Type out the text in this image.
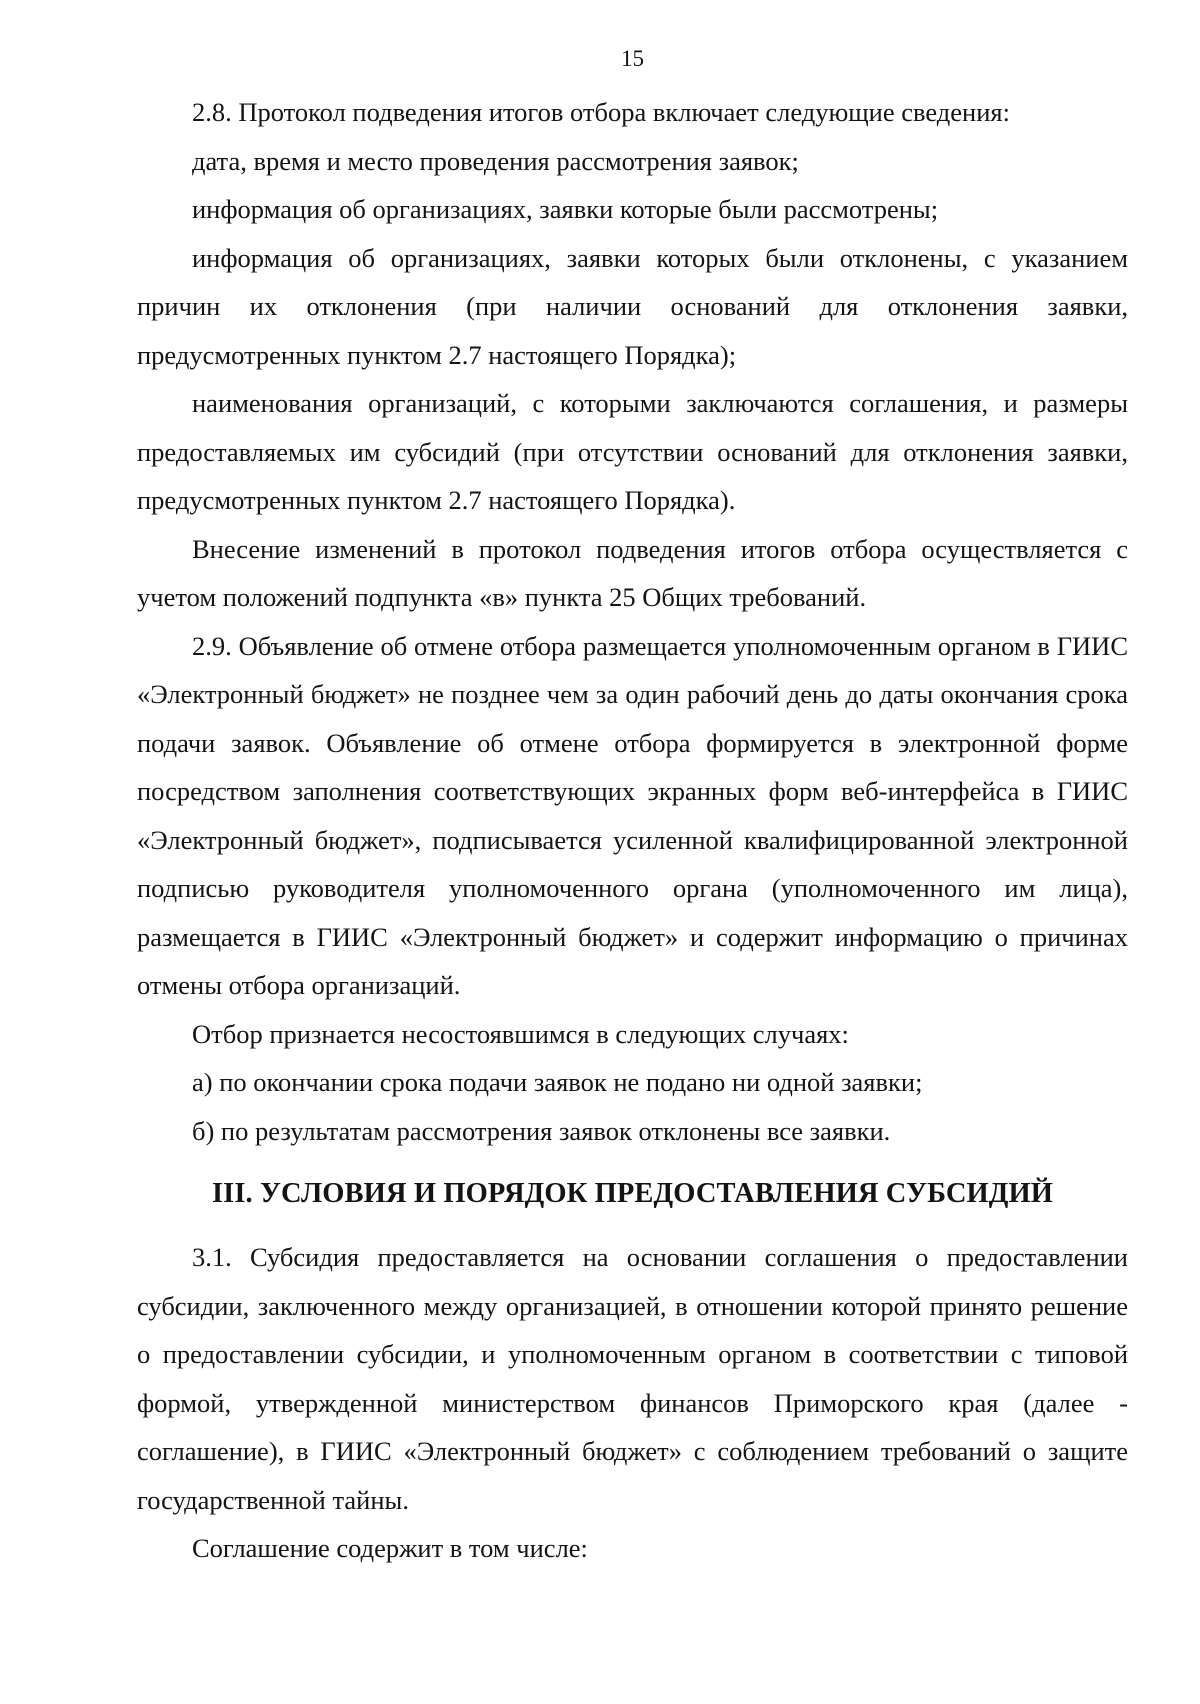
15

2.8. Протокол подведения итогов отбора включает следующие сведения:

дата, время и место проведения рассмотрения заявок;

информация об организациях, заявки которые были рассмотрены;

информация об организациях, заявки которых были отклонены, с указанием причин их отклонения (при наличии оснований для отклонения заявки, предусмотренных пунктом 2.7 настоящего Порядка);

наименования организаций, с которыми заключаются соглашения, и размеры предоставляемых им субсидий (при отсутствии оснований для отклонения заявки, предусмотренных пунктом 2.7 настоящего Порядка).

Внесение изменений в протокол подведения итогов отбора осуществляется с учетом положений подпункта «в» пункта 25 Общих требований.

2.9. Объявление об отмене отбора размещается уполномоченным органом в ГИИС «Электронный бюджет» не позднее чем за один рабочий день до даты окончания срока подачи заявок. Объявление об отмене отбора формируется в электронной форме посредством заполнения соответствующих экранных форм веб-интерфейса в ГИИС «Электронный бюджет», подписывается усиленной квалифицированной электронной подписью руководителя уполномоченного органа (уполномоченного им лица), размещается в ГИИС «Электронный бюджет» и содержит информацию о причинах отмены отбора организаций.

Отбор признается несостоявшимся в следующих случаях:

а) по окончании срока подачи заявок не подано ни одной заявки;

б) по результатам рассмотрения заявок отклонены все заявки.

III. УСЛОВИЯ И ПОРЯДОК ПРЕДОСТАВЛЕНИЯ СУБСИДИЙ

3.1. Субсидия предоставляется на основании соглашения о предоставлении субсидии, заключенного между организацией, в отношении которой принято решение о предоставлении субсидии, и уполномоченным органом в соответствии с типовой формой, утвержденной министерством финансов Приморского края (далее - соглашение), в ГИИС «Электронный бюджет» с соблюдением требований о защите государственной тайны.

Соглашение содержит в том числе:
